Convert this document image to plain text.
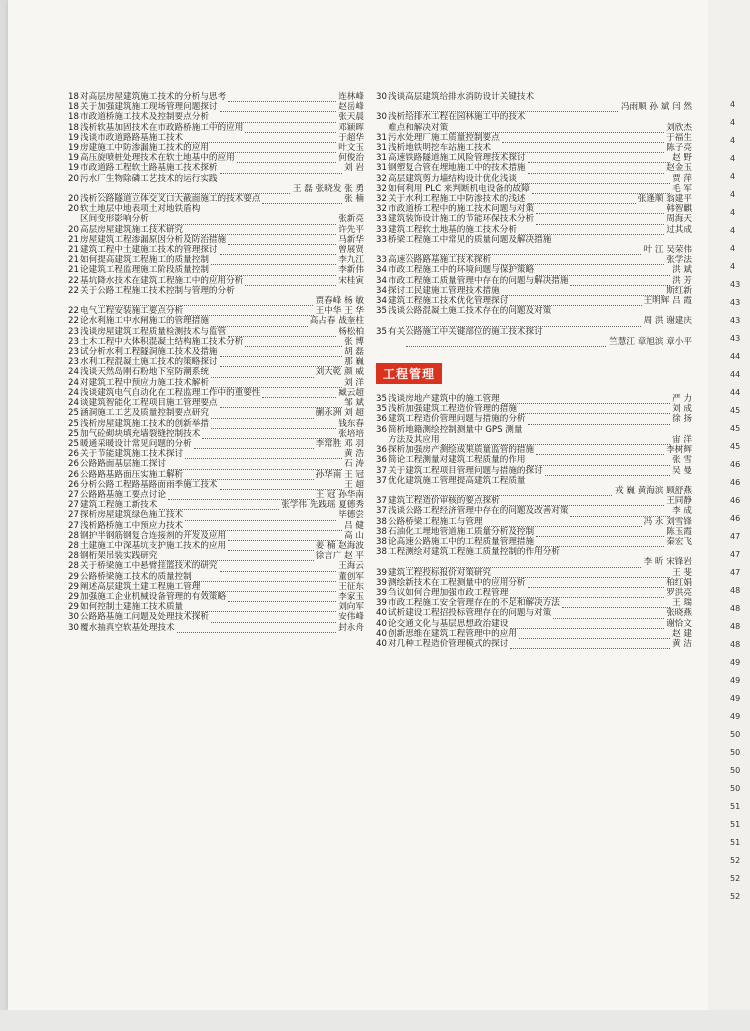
18 对高层房屋建筑施工技术的分析与思考	连林峰
18 关于加强建筑施工现场管理问题探讨	赵岳峰
18 市政道桥施工技术及控制要点分析	张天晨
18 浅析软基加固技术在市政路桥施工中的应用	邓颖晖
19 浅谈市政道路路基施工技术	于超华
19 房建施工中防渗漏施工技术的应用	叶文玉
19 高压旋喷桩处理技术在软土地基中的应用	何俊治
19 市政道路工程软土路基施工技术探析	刘 岩
20 污水厂生物除磷工艺技术的运行实践
王 磊 张晓发 张 勇
20 浅析公路隧道立体交叉口大截面施工的技术要点	张 楠
20 软土地层中地表项土对地铁盾构
区间变形影响分析	张新亮
20 高层房屋建筑施工技术研究	许先平
21 房屋建筑工程渗漏原因分析及防治措施	马新华
21 建筑工程中土建施工技术的管理探讨	曾展贤
21 如何提高建筑工程施工的质量控制	李九江
21 论建筑工程监理施工阶段质量控制	李新伟
22 基坑降水技术在建筑工程施工中的应用分析	宋桂寅
22 关于公路工程施工技术控制与管理的分析
贾春峰 杨 敏
22 电气工程安装施工要点分析	王中华 王 华
22 论水利施工中水闸施工的管理措施	高占春 战奎柱
23 浅谈房屋建筑工程质量检测技术与监管	杨松柏
23 土木工程中大体积混凝土结构施工技术分析	张 博
23 试分析水利工程隧洞施工技术及措施	胡 磊
23 水利工程混凝土施工技术的策略探讨	那 巍
24 浅谈天然岛刚石粉地下室防潮系统	刘大乾 颜 威
24 对建筑工程中预应力施工技术解析	刘 洋
24 浅谈建筑电气自动化在工程监理工作中的重要性	臧云超
24 谈建筑智能化工程项目施工管理要点	邹 斌
25 涵洞施工工艺及质量控制要点研究	蒯永洲 刘 超
25 浅析房屋建筑施工技术的创新举措	钱东春
25 加气砼砌块填充墙裂缝控制技术	张培培
25 暖通采暖设计常见问题的分析	李常胜 邓 羽
26 关于节能建筑施工技术探讨	黄 浩
26 公路路面基层施工探讨	石 涛
26 公路路基路面压实施工解析	孙华南 王 冠
26 分析公路工程路基路面雨季施工技术	王 超
27 公路路基施工要点讨论	王 冠 孙华南
27 建筑工程施工新技术	张学伟 先践瑶 夏德秀
27 探析房屋建筑绿色施工技术	毕德尝
27 浅析路桥施工中预应力技术	吕 健
28 钢护半钢筋钢复合连接剂的开发及应用	高 山
28 土建施工中深基坑支护施工技术的应用	姜 楠 赵海波
28 钢桁架吊装实践研究	徐言广 赵 平
28 关于桥梁施工中悬臂挂篮技术的研究	王海云
29 公路桥梁施工技术的质量控制	董创军
29 阐述高层建筑土建工程施工管理	王征东
29 加强施工企业机械设备管理的有效策略	李家玉
29 如何控制土建施工技术质量	刘向军
30 公路路基施工问题及处理技术探析	安伟峰
30 覆水抽真空软基处理技术	封永舟
30 浅谈高层建筑给排水消防设计关键技术
冯雨顺 孙 斌 闫 然
30 浅析给排水工程在园林施工中的技术
难点和解决对策	刘欣杰
31 污水处理厂施工质量控制要点	于福生
31 浅析地铁明挖车站施工技术	陈子亮
31 高速铁路隧道施工风险管理技术探讨	赵 野
31 钢塑复合管在埋地施工中的技术措施	赵金玉
32 高层建筑剪力墙结构设计优化浅谈	贾 萍
32 如何利用 PLC 来判断机电设备的故障	毛 军
32 关于水利工程施工中防渗技术的浅述	张逢顺 翁建平
32 市政道桥工程中的施工技术问题与对策	韩智麒
33 建筑装饰设计施工的节能环保技术分析	周海天
33 建筑工程软土地基的施工技术分析	过其成
33 桥梁工程施工中常见的质量问题及解决措施
叶 江 吴荣伟
33 高速公路路基施工技术探析	张学法
34 市政工程施工中的环境问题与保护策略	洪 斌
34 市政工程施工质量管理中存在的问题与解决措施	洪 芳
34 探讨工民建施工管理技术措施	斯红新
34 建筑工程施工技术优化管理探讨	王明辉 吕 霞
35 浅谈公路混凝土施工技术存在的问题及对策
周 洪 谢建庆
35 有关公路施工中关键部位的施工技术探讨
竺慧江 章旭滨 章小平
工程管理
35 浅谈房地产建筑中的施工管理	严 力
35 浅析加强建筑工程造价管理的措施	刘 成
36 建筑工程造价管理问题与措施的分析	徐 扬
36 简析地籍测绘控制测量中 GPS 测量
方法及其应用	宙 洋
36 探析加强房产测绘成果质量监管的措施	李树辉
36 简论工程测量对建筑工程质量的作用	张 雪
37 关于建筑工程项目管理问题与措施的探讨	吴 曼
37 优化建筑施工管理提高建筑工程质量
戎 巍 黄海滨 顾舒燕
37 建筑工程造价审核的要点探析	王同静
37 浅谈公路工程经济管理中存在的问题及改善对策	李 成
38 公路桥梁工程施工与管理	冯 永 刘雪锋
38 石油化工埋地管道施工质量分析及控制	陈玉霞
38 论高速公路施工中的工程质量管理措施	秦宏飞
38 工程测绘对建筑工程施工质量控制的作用分析
李 昕 宋锋岩
39 建筑工程投标报价对策研究	王 斐
39 测绘新技术在工程测量中的应用分析	柏红娟
39 刍议如何合理加强市政工程管理	罗洪亮
39 市政工程施工安全管理存在的不足和解决方法	王 瑞
40 试析建设工程招投标管理存在的问题与对策	张晓燕
40 论交通文化与基层思想政治建设	谢恰文
40 创新思维在建筑工程管理中的应用	赵 建
40 对几种工程造价管理模式的探讨	黄 洁
4
4
4
4
4
4
4
4
4
4
43
43
43
43
44
44
44
45
45
45
46
46
46
46
47
47
47
48
48
48
48
49
49
49
49
50
50
50
50
51
51
51
52
52
52
